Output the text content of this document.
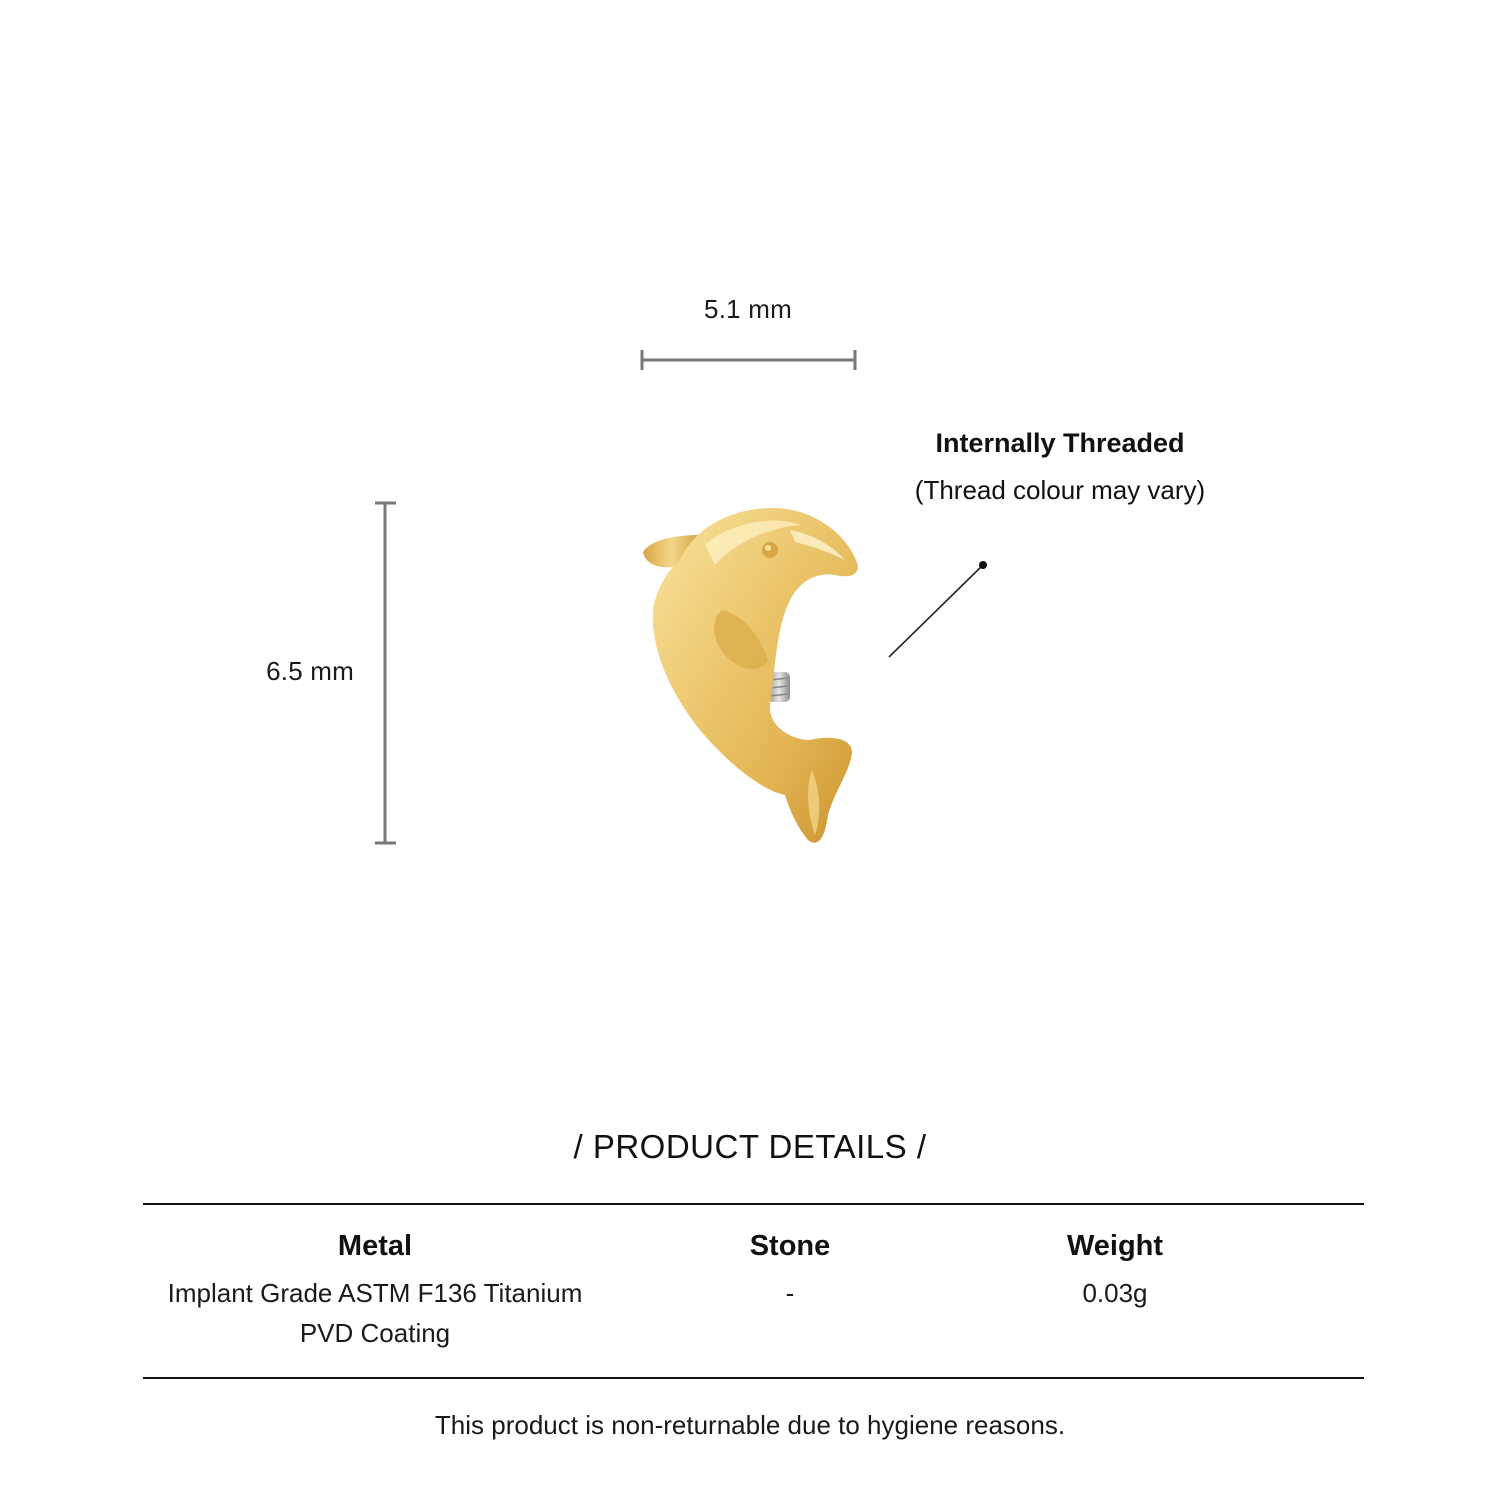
5.1 mm
6.5 mm
Internally Threaded
(Thread colour may vary)
/ PRODUCT DETAILS /
Metal
Implant Grade ASTM F136 Titanium
PVD Coating
Stone
-
Weight
0.03g
This product is non-returnable due to hygiene reasons.
